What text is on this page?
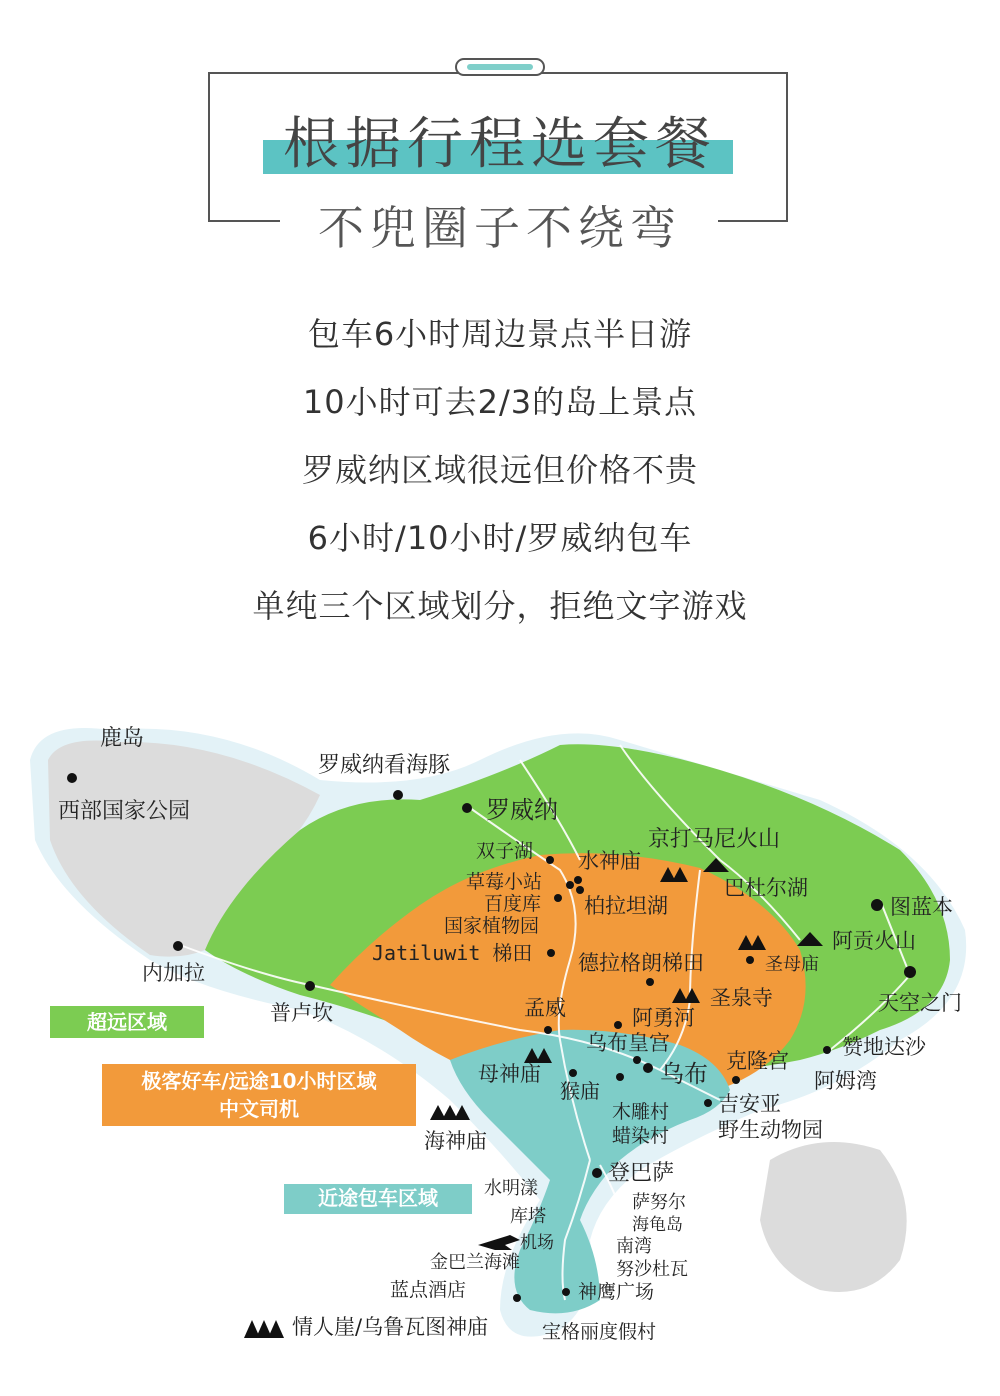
根据行程选套餐
不兜圈子不绕弯
包车6小时周边景点半日游
10小时可去2/3的岛上景点
罗威纳区域很远但价格不贵
6小时/10小时/罗威纳包车
单纯三个区域划分，拒绝文字游戏
鹿岛
西部国家公园
罗威纳看海豚
罗威纳
双子湖 水神庙
京打马尼火山
草莓小站
百度库 柏拉坦湖
巴杜尔湖
国家植物园
图蓝本
Jatiluwit 梯田 德拉格朗梯田	圣母庙
阿贡火山
内加拉
普卢坎	孟威	圣泉寺	天空之门
阿勇河
乌布皇宫
克隆宫
赞地达沙
阿姆湾
母神庙
猴庙
乌布
海神庙
木雕村
蜡染村
吉安亚
野生动物园
登巴萨
水明漾
萨努尔
库塔	海龟岛
机场	南湾
金巴兰海滩	努沙杜瓦
蓝点酒店	神鹰广场
情人崖/乌鲁瓦图神庙	宝格丽度假村
超远区域
极客好车/远途10小时区域
中文司机
近途包车区域
